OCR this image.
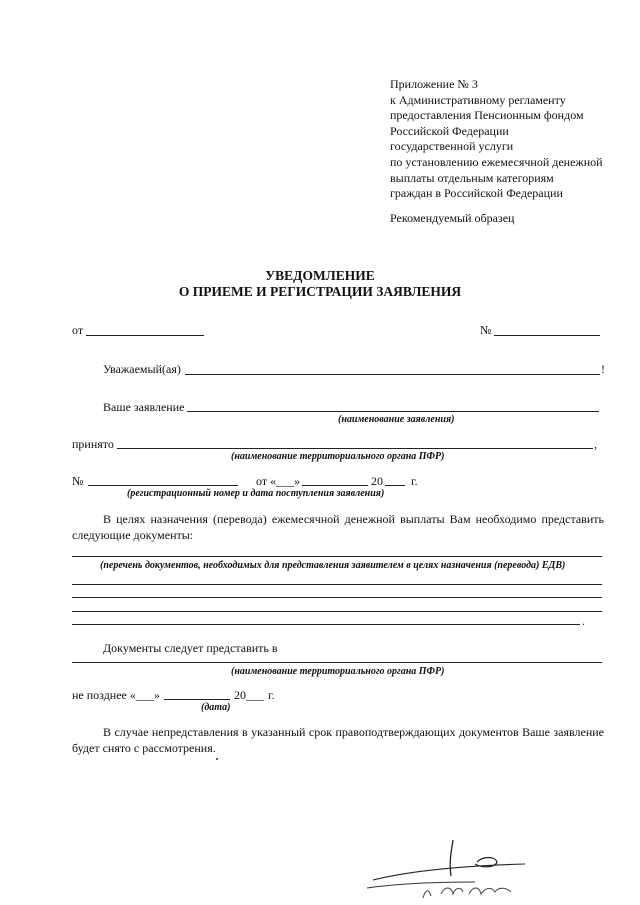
Приложение № 3
к Административному регламенту
предоставления Пенсионным фондом
Российской Федерации
государственной услуги
по установлению ежемесячной денежной
выплаты отдельным категориям
граждан в Российской Федерации
Рекомендуемый образец
УВЕДОМЛЕНИЕ
О ПРИЕМЕ И РЕГИСТРАЦИИ ЗАЯВЛЕНИЯ
от	№
Уважаемый(ая)	!
Ваше заявление
(наименование заявления)
принято	,
(наименование территориального органа ПФР)
№	от «___»	20 г.
(регистрационный номер и дата поступления заявления)
В целях назначения (перевода) ежемесячной денежной выплаты Вам необходимо представить следующие документы:
(перечень документов, необходимых для представления заявителем в целях назначения (перевода) ЕДВ)
.
Документы следует представить в
(наименование территориального органа ПФР)
не позднее «___»	20___ г.
(дата)
В случае непредставления в указанный срок правоподтверждающих документов Ваше заявление будет снято с рассмотрения.
